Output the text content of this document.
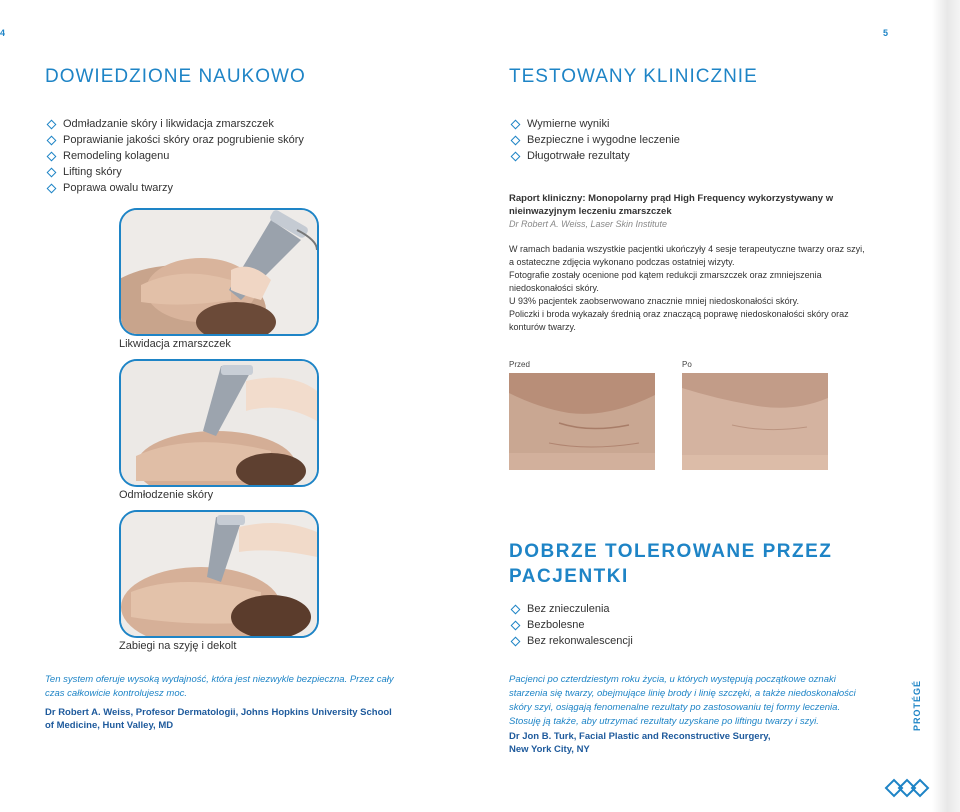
4	5
DOWIEDZIONE NAUKOWO
Odmładzanie skóry i likwidacja zmarszczek
Poprawianie jakości skóry oraz pogrubienie skóry
Remodeling kolagenu
Lifting skóry
Poprawa owalu twarzy
Likwidacja zmarszczek
Odmłodzenie skóry
Zabiegi na szyję i dekolt
Ten system oferuje wysoką wydajność, która jest niezwykle bezpieczna. Przez cały czas całkowicie kontrolujesz moc.
Dr Robert A. Weiss, Profesor Dermatologii, Johns Hopkins University School
of Medicine, Hunt Valley, MD
TESTOWANY KLINICZNIE
Wymierne wyniki
Bezpieczne i wygodne leczenie
Długotrwałe rezultaty
Raport kliniczny: Monopolarny prąd High Frequency wykorzystywany w nieinwazyjnym leczeniu zmarszczek
Dr Robert A. Weiss, Laser Skin Institute

W ramach badania wszystkie pacjentki ukończyły 4 sesje terapeutyczne twarzy oraz szyi, a ostateczne zdjęcia wykonano podczas ostatniej wizyty.

Fotografie zostały ocenione pod kątem redukcji zmarszczek oraz zmniejszenia niedoskonałości skóry.

U 93% pacjentek zaobserwowano znacznie mniej niedoskonałości skóry.

Policzki i broda wykazały średnią oraz znaczącą poprawę niedoskonałości skóry oraz konturów twarzy.

Przed	Po
DOBRZE TOLEROWANE PRZEZ
PACJENTKI
Bez znieczulenia
Bezbolesne
Bez rekonwalescencji
Pacjenci po czterdziestym roku życia, u których występują początkowe oznaki starzenia się twarzy, obejmujące linię brody i linię szczęki, a także niedoskonałości skóry szyi, osiągają fenomenalne rezultaty po zastosowaniu tej formy leczenia. Stosuję ją także, aby utrzymać rezultaty uzyskane po liftingu twarzy i szyi.
Dr Jon B. Turk, Facial Plastic and Reconstructive Surgery,
New York City, NY
PROTÉGÉ
